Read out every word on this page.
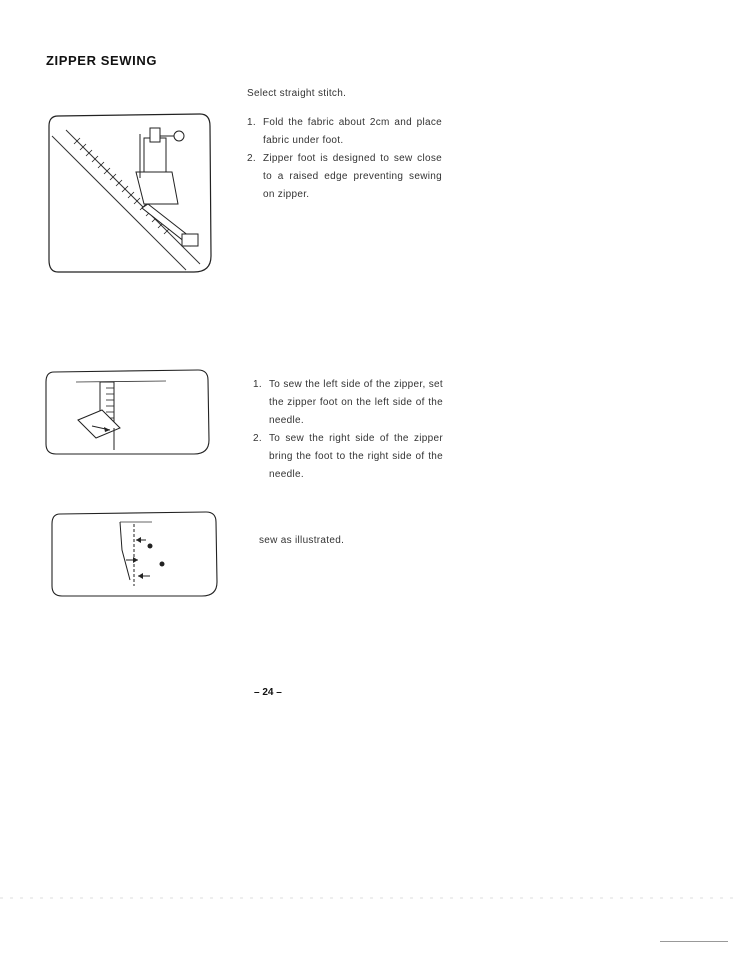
ZIPPER SEWING
Select straight stitch.
1. Fold the fabric about 2cm and place fabric under foot.
2. Zipper foot is designed to sew close to a raised edge preventing sewing on zipper.
1. To sew the left side of the zipper, set the zipper foot on the left side of the needle.
2. To sew the right side of the zipper bring the foot to the right side of the needle.
sew as illustrated.
– 24 –
